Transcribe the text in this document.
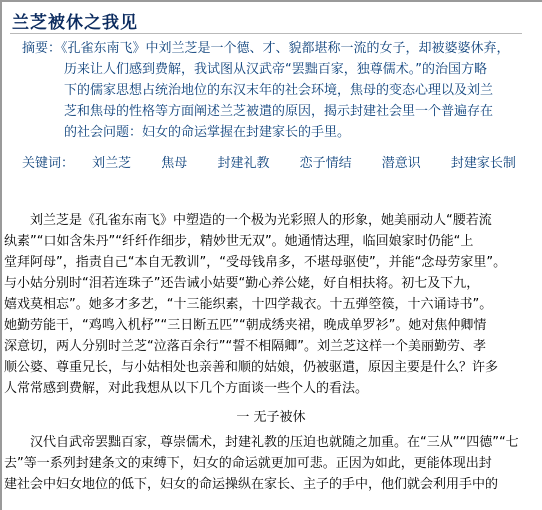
兰芝被休之我见
摘要：《孔雀东南飞》中刘兰芝是一个德、才、貌都堪称一流的女子，却被婆婆休弃，
历来让人们感到费解，我试图从汉武帝“罢黜百家，独尊儒术。”的治国方略
下的儒家思想占统治地位的东汉末年的社会环境，焦母的变态心理以及刘兰
芝和焦母的性格等方面阐述兰芝被遣的原因，揭示封建社会里一个普遍存在
的社会问题：妇女的命运掌握在封建家长的手里。
关键词： 刘兰芝 焦母 封建礼教 恋子情结 潜意识 封建家长制
刘兰芝是《孔雀东南飞》中塑造的一个极为光彩照人的形象，她美丽动人“腰若流
纨素”“口如含朱丹”“纤纤作细步，精妙世无双”。她通情达理，临回娘家时仍能“上
堂拜阿母”，指责自己“本自无教训”，“受母钱帛多，不堪母驱使”，并能“念母劳家里”。
与小姑分别时“泪若连珠子”还告诫小姑要“勤心养公姥，好自相扶将。初七及下九，
嬉戏莫相忘”。她多才多艺，“十三能织素，十四学裁衣。十五弹箜篌，十六诵诗书”。
她勤劳能干，“鸡鸣入机杼”“三日断五匹”“朝成绣夹裙，晚成单罗衫”。她对焦仲卿情
深意切，两人分别时兰芝“泣落百余行”“誓不相隔卿”。刘兰芝这样一个美丽勤劳、孝
顺公婆、尊重兄长，与小姑相处也亲善和顺的姑娘，仍被驱遣，原因主要是什么？许多
人常常感到费解，对此我想从以下几个方面谈一些个人的看法。
一 无子被休
汉代自武帝罢黜百家，尊崇儒术，封建礼教的压迫也就随之加重。在“三从”“四德”“七
去”等一系列封建条文的束缚下，妇女的命运就更加可悲。正因为如此，更能体现出封
建社会中妇女地位的低下，妇女的命运操纵在家长、主子的手中，他们就会利用手中的
